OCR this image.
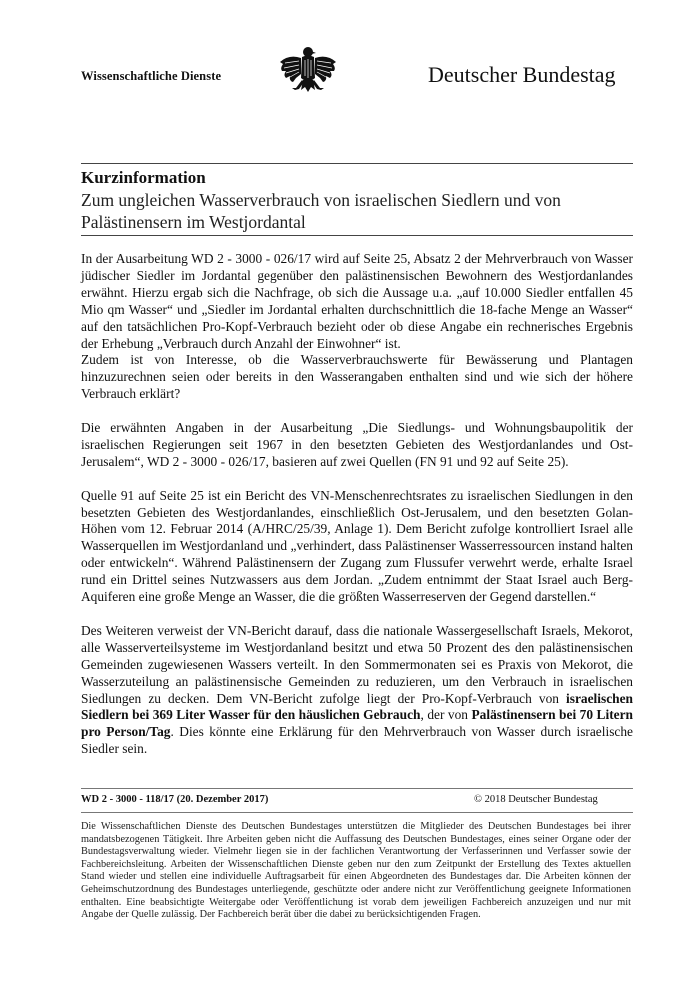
Wissenschaftliche Dienste	Deutscher Bundestag
Kurzinformation
Zum ungleichen Wasserverbrauch von israelischen Siedlern und von Palästinensern im Westjordantal

In der Ausarbeitung WD 2 - 3000 - 026/17 wird auf Seite 25, Absatz 2 der Mehrverbrauch von Wasser jüdischer Siedler im Jordantal gegenüber den palästinensischen Bewohnern des Westjordanlandes erwähnt. Hierzu ergab sich die Nachfrage, ob sich die Aussage u.a. „auf 10.000 Siedler entfallen 45 Mio qm Wasser“ und „Siedler im Jordantal erhalten durchschnittlich die 18-fache Menge an Wasser“ auf den tatsächlichen Pro-Kopf-Verbrauch bezieht oder ob diese Angabe ein rechnerisches Ergebnis der Erhebung „Verbrauch durch Anzahl der Einwohner“ ist.
Zudem ist von Interesse, ob die Wasserverbrauchswerte für Bewässerung und Plantagen hinzuzurechnen seien oder bereits in den Wasserangaben enthalten sind und wie sich der höhere Verbrauch erklärt?

Die erwähnten Angaben in der Ausarbeitung „Die Siedlungs- und Wohnungsbaupolitik der israelischen Regierungen seit 1967 in den besetzten Gebieten des Westjordanlandes und Ost-Jerusalem“, WD 2 - 3000 - 026/17, basieren auf zwei Quellen (FN 91 und 92 auf Seite 25).

Quelle 91 auf Seite 25 ist ein Bericht des VN-Menschenrechtsrates zu israelischen Siedlungen in den besetzten Gebieten des Westjordanlandes, einschließlich Ost-Jerusalem, und den besetzten Golan-Höhen vom 12. Februar 2014 (A/HRC/25/39, Anlage 1). Dem Bericht zufolge kontrolliert Israel alle Wasserquellen im Westjordanland und „verhindert, dass Palästinenser Wasserressourcen instand halten oder entwickeln“. Während Palästinensern der Zugang zum Flussufer verwehrt werde, erhalte Israel rund ein Drittel seines Nutzwassers aus dem Jordan. „Zudem entnimmt der Staat Israel auch Berg-Aquiferen eine große Menge an Wasser, die die größten Wasserreserven der Gegend darstellen.“

Des Weiteren verweist der VN-Bericht darauf, dass die nationale Wassergesellschaft Israels, Mekorot, alle Wasserverteilsysteme im Westjordanland besitzt und etwa 50 Prozent des den palästinensischen Gemeinden zugewiesenen Wassers verteilt. In den Sommermonaten sei es Praxis von Mekorot, die Wasserzuteilung an palästinensische Gemeinden zu reduzieren, um den Verbrauch in israelischen Siedlungen zu decken. Dem VN-Bericht zufolge liegt der Pro-Kopf-Verbrauch von israelischen Siedlern bei 369 Liter Wasser für den häuslichen Gebrauch, der von Palästinensern bei 70 Litern pro Person/Tag. Dies könnte eine Erklärung für den Mehrverbrauch von Wasser durch israelische Siedler sein.

WD 2 - 3000 - 118/17 (20. Dezember 2017)	© 2018 Deutscher Bundestag
Die Wissenschaftlichen Dienste des Deutschen Bundestages unterstützen die Mitglieder des Deutschen Bundestages bei ihrer mandatsbezogenen Tätigkeit. Ihre Arbeiten geben nicht die Auffassung des Deutschen Bundestages, eines seiner Organe oder der Bundestagsverwaltung wieder. Vielmehr liegen sie in der fachlichen Verantwortung der Verfasserinnen und Verfasser sowie der Fachbereichsleitung. Arbeiten der Wissenschaftlichen Dienste geben nur den zum Zeitpunkt der Erstellung des Textes aktuellen Stand wieder und stellen eine individuelle Auftragsarbeit für einen Abgeordneten des Bundestages dar. Die Arbeiten können der Geheimschutzordnung des Bundestages unterliegende, geschützte oder andere nicht zur Veröffentlichung geeignete Informationen enthalten. Eine beabsichtigte Weitergabe oder Veröffentlichung ist vorab dem jeweiligen Fachbereich anzuzeigen und nur mit Angabe der Quelle zulässig. Der Fachbereich berät über die dabei zu berücksichtigenden Fragen.
